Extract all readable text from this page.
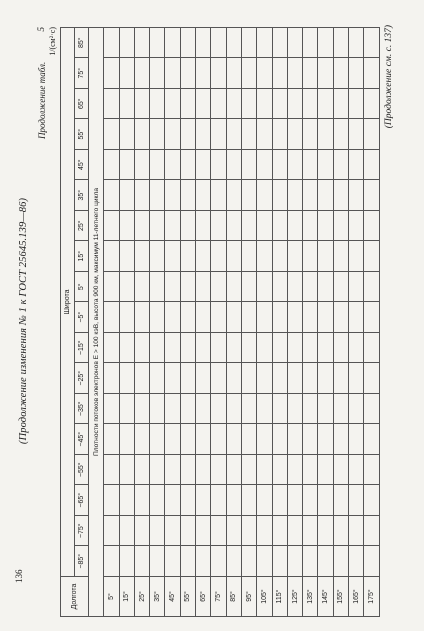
136
(Продолжение изменения № 1 к ГОСТ 25645.139—86)
Продолжение табл.
5 1/(см²·с)
Долгота	Широта																	
	−85°	−75°	−65°	−55°	−45°	−35°	−25°	−15°	−5°	5°	15°	25°	35°	45°	55°	65°	75°	85°
Плотности потоков электронов E > 100 кэВ, высота 900 км, максимум 11-летнего цикла																		
5°																		
15°																		
25°																		
35°																		
45°																		
55°																		
65°																		
75°																		
85°																		
95°																		
105°																		
115°																		
125°																		
135°																		
145°																		
155°																		
165°																		
175°																		
(Продолжение см. с. 137)
